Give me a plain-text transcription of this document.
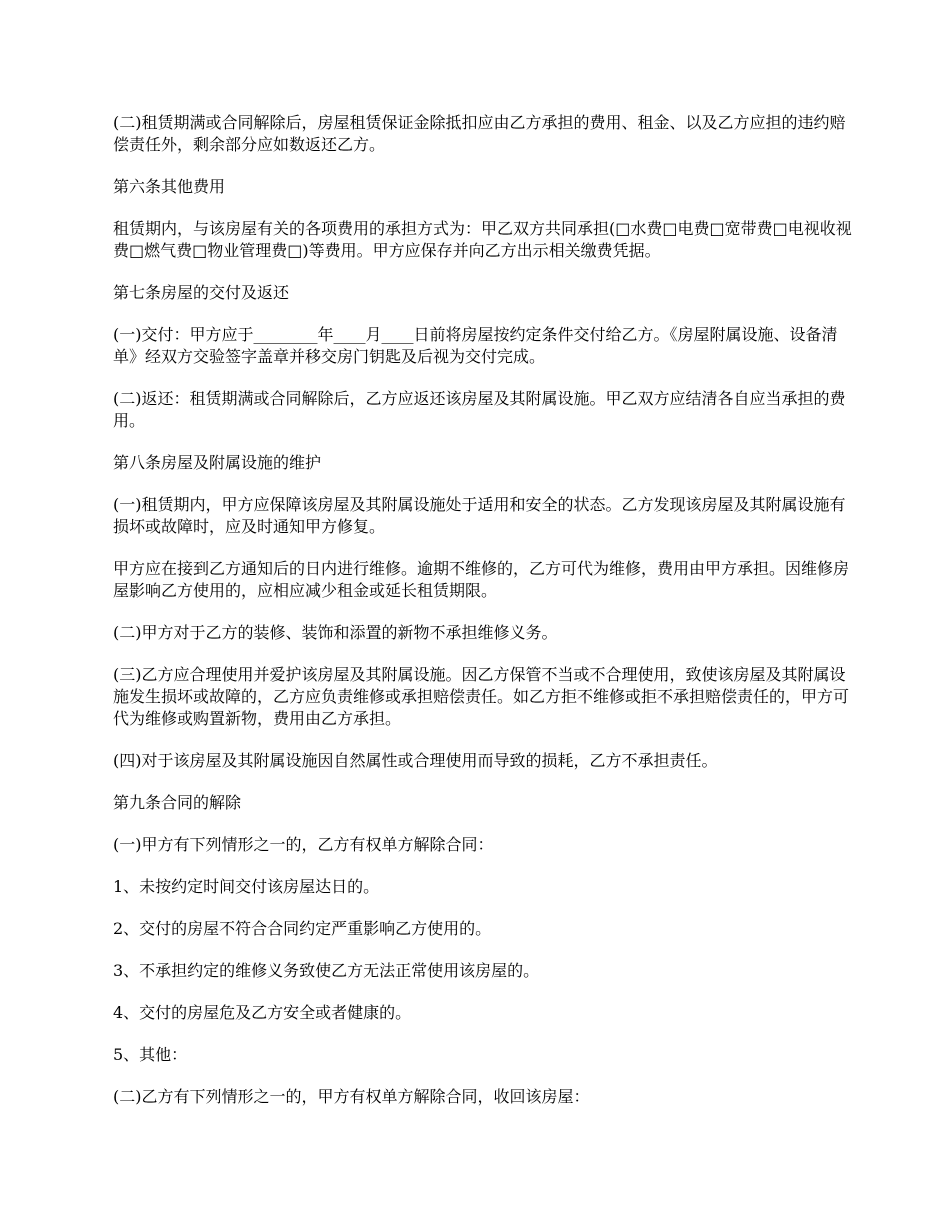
(二)租赁期满或合同解除后，房屋租赁保证金除抵扣应由乙方承担的费用、租金、以及乙方应担的违约赔偿责任外，剩余部分应如数返还乙方。

第六条其他费用

租赁期内，与该房屋有关的各项费用的承担方式为：甲乙双方共同承担(□水费□电费□宽带费□电视收视费□燃气费□物业管理费□)等费用。甲方应保存并向乙方出示相关缴费凭据。

第七条房屋的交付及返还

(一)交付：甲方应于________年____月____日前将房屋按约定条件交付给乙方。《房屋附属设施、设备清单》经双方交验签字盖章并移交房门钥匙及后视为交付完成。

(二)返还：租赁期满或合同解除后，乙方应返还该房屋及其附属设施。甲乙双方应结清各自应当承担的费用。

第八条房屋及附属设施的维护

(一)租赁期内，甲方应保障该房屋及其附属设施处于适用和安全的状态。乙方发现该房屋及其附属设施有损坏或故障时，应及时通知甲方修复。

甲方应在接到乙方通知后的日内进行维修。逾期不维修的，乙方可代为维修，费用由甲方承担。因维修房屋影响乙方使用的，应相应减少租金或延长租赁期限。

(二)甲方对于乙方的装修、装饰和添置的新物不承担维修义务。

(三)乙方应合理使用并爱护该房屋及其附属设施。因乙方保管不当或不合理使用，致使该房屋及其附属设施发生损坏或故障的，乙方应负责维修或承担赔偿责任。如乙方拒不维修或拒不承担赔偿责任的，甲方可代为维修或购置新物，费用由乙方承担。

(四)对于该房屋及其附属设施因自然属性或合理使用而导致的损耗，乙方不承担责任。

第九条合同的解除

(一)甲方有下列情形之一的，乙方有权单方解除合同：

1、未按约定时间交付该房屋达日的。

2、交付的房屋不符合合同约定严重影响乙方使用的。

3、不承担约定的维修义务致使乙方无法正常使用该房屋的。

4、交付的房屋危及乙方安全或者健康的。

5、其他：

(二)乙方有下列情形之一的，甲方有权单方解除合同，收回该房屋：
